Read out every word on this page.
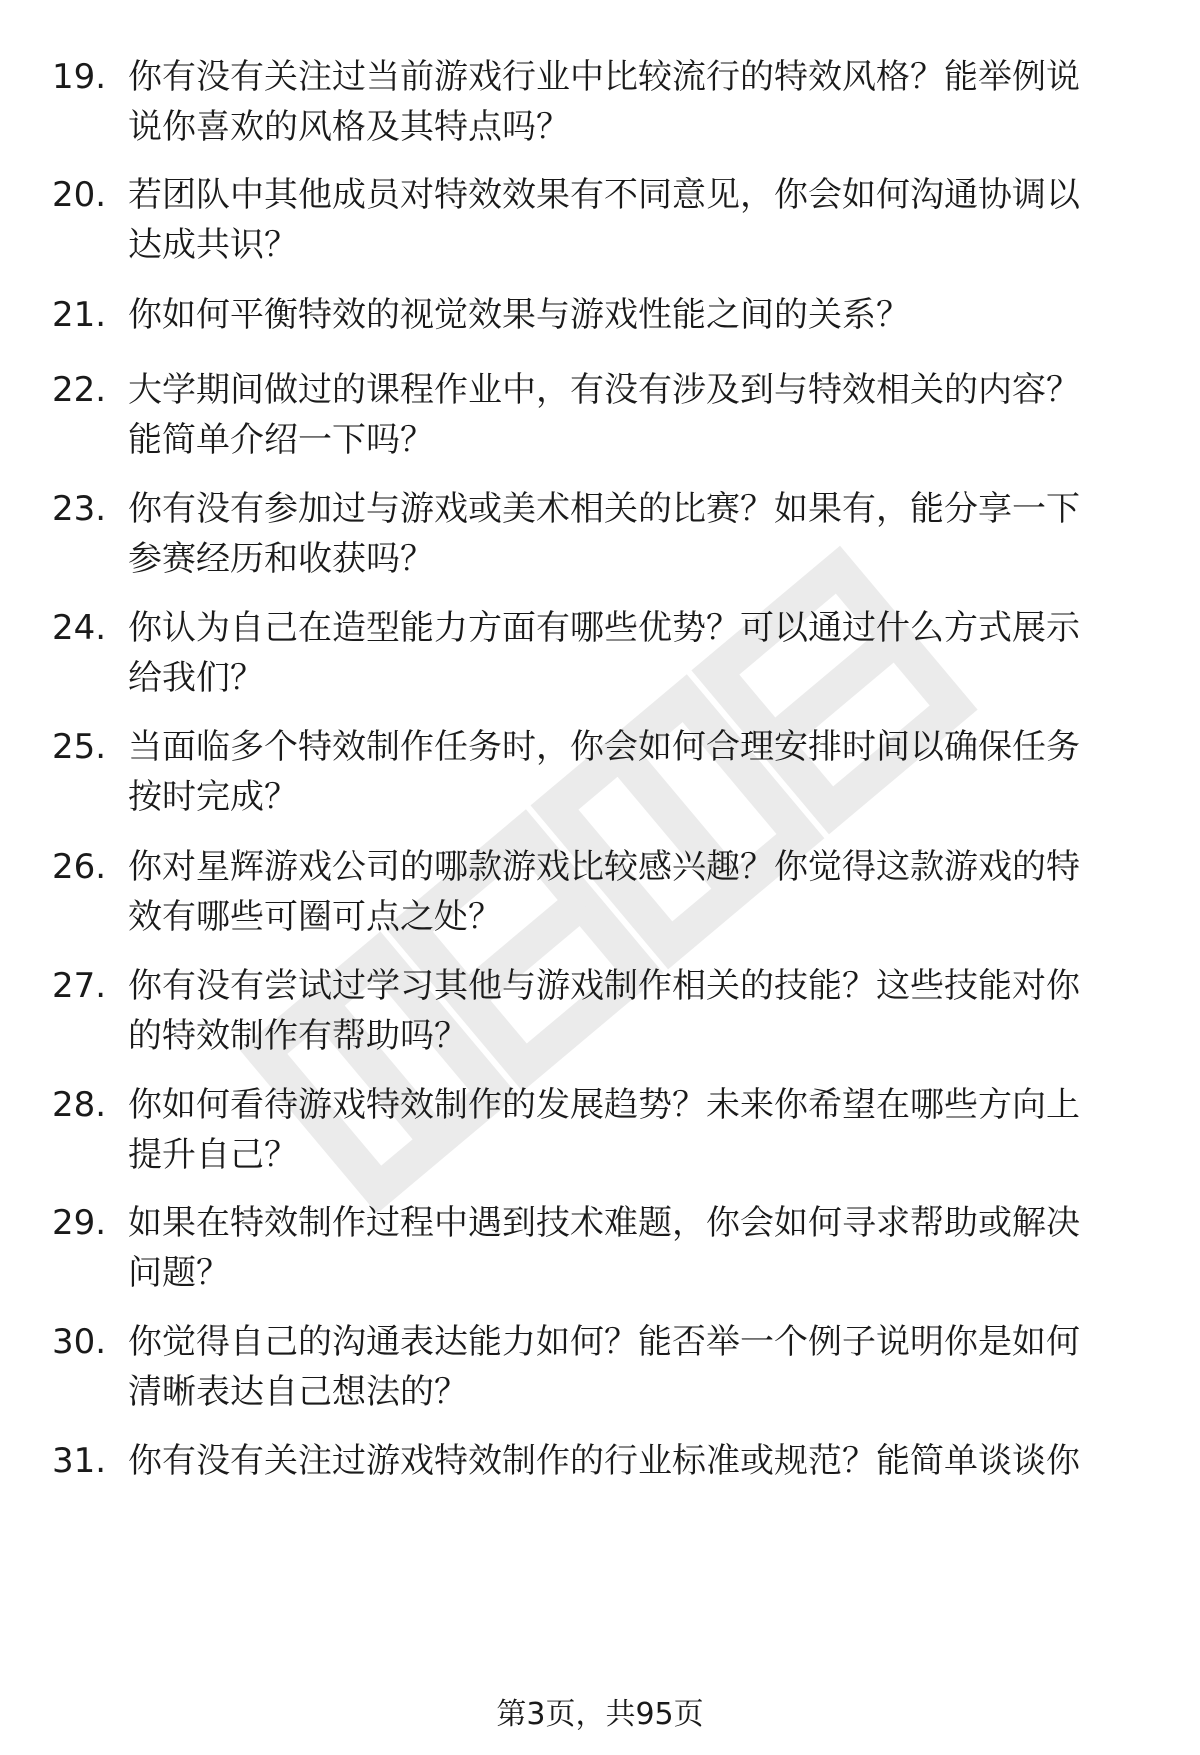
19. 你有没有关注过当前游戏行业中比较流行的特效风格？能举例说
说你喜欢的风格及其特点吗？
20. 若团队中其他成员对特效效果有不同意见，你会如何沟通协调以
达成共识？
21. 你如何平衡特效的视觉效果与游戏性能之间的关系？
22. 大学期间做过的课程作业中，有没有涉及到与特效相关的内容？
能简单介绍一下吗？
23. 你有没有参加过与游戏或美术相关的比赛？如果有，能分享一下
参赛经历和收获吗？
24. 你认为自己在造型能力方面有哪些优势？可以通过什么方式展示
给我们？
25. 当面临多个特效制作任务时，你会如何合理安排时间以确保任务
按时完成？
26. 你对星辉游戏公司的哪款游戏比较感兴趣？你觉得这款游戏的特
效有哪些可圈可点之处？
27. 你有没有尝试过学习其他与游戏制作相关的技能？这些技能对你
的特效制作有帮助吗？
28. 你如何看待游戏特效制作的发展趋势？未来你希望在哪些方向上
提升自己？
29. 如果在特效制作过程中遇到技术难题，你会如何寻求帮助或解决
问题？
30. 你觉得自己的沟通表达能力如何？能否举一个例子说明你是如何
清晰表达自己想法的？
31. 你有没有关注过游戏特效制作的行业标准或规范？能简单谈谈你
第3页，共95页
